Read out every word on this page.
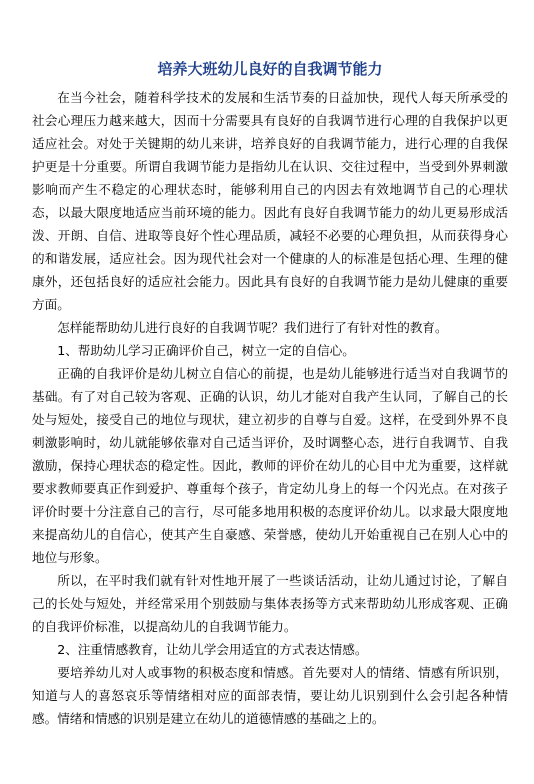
培养大班幼儿良好的自我调节能力

在当今社会，随着科学技术的发展和生活节奏的日益加快，现代人每天所承受的社会心理压力越来越大，因而十分需要具有良好的自我调节进行心理的自我保护以更适应社会。对处于关键期的幼儿来讲，培养良好的自我调节能力，进行心理的自我保护更是十分重要。所谓自我调节能力是指幼儿在认识、交往过程中，当受到外界刺激影响而产生不稳定的心理状态时，能够利用自己的内因去有效地调节自己的心理状态，以最大限度地适应当前环境的能力。因此有良好自我调节能力的幼儿更易形成活泼、开朗、自信、进取等良好个性心理品质，减轻不必要的心理负担，从而获得身心的和谐发展，适应社会。因为现代社会对一个健康的人的标准是包括心理、生理的健康外，还包括良好的适应社会能力。因此具有良好的自我调节能力是幼儿健康的重要方面。

怎样能帮助幼儿进行良好的自我调节呢？我们进行了有针对性的教育。

1、帮助幼儿学习正确评价自己，树立一定的自信心。

正确的自我评价是幼儿树立自信心的前提，也是幼儿能够进行适当对自我调节的基础。有了对自己较为客观、正确的认识，幼儿才能对自我产生认同，了解自己的长处与短处，接受自己的地位与现状，建立初步的自尊与自爱。这样，在受到外界不良刺激影响时，幼儿就能够依靠对自己适当评价，及时调整心态，进行自我调节、自我激励，保持心理状态的稳定性。因此，教师的评价在幼儿的心目中尤为重要，这样就要求教师要真正作到爱护、尊重每个孩子，肯定幼儿身上的每一个闪光点。在对孩子评价时要十分注意自己的言行，尽可能多地用积极的态度评价幼儿。以求最大限度地来提高幼儿的自信心，使其产生自豪感、荣誉感，使幼儿开始重视自己在别人心中的地位与形象。

所以，在平时我们就有针对性地开展了一些谈话活动，让幼儿通过讨论，了解自己的长处与短处，并经常采用个别鼓励与集体表扬等方式来帮助幼儿形成客观、正确的自我评价标准，以提高幼儿的自我调节能力。

2、注重情感教育，让幼儿学会用适宜的方式表达情感。

要培养幼儿对人或事物的积极态度和情感。首先要对人的情绪、情感有所识别，知道与人的喜怒哀乐等情绪相对应的面部表情，要让幼儿识别到什么会引起各种情感。情绪和情感的识别是建立在幼儿的道德情感的基础之上的。
